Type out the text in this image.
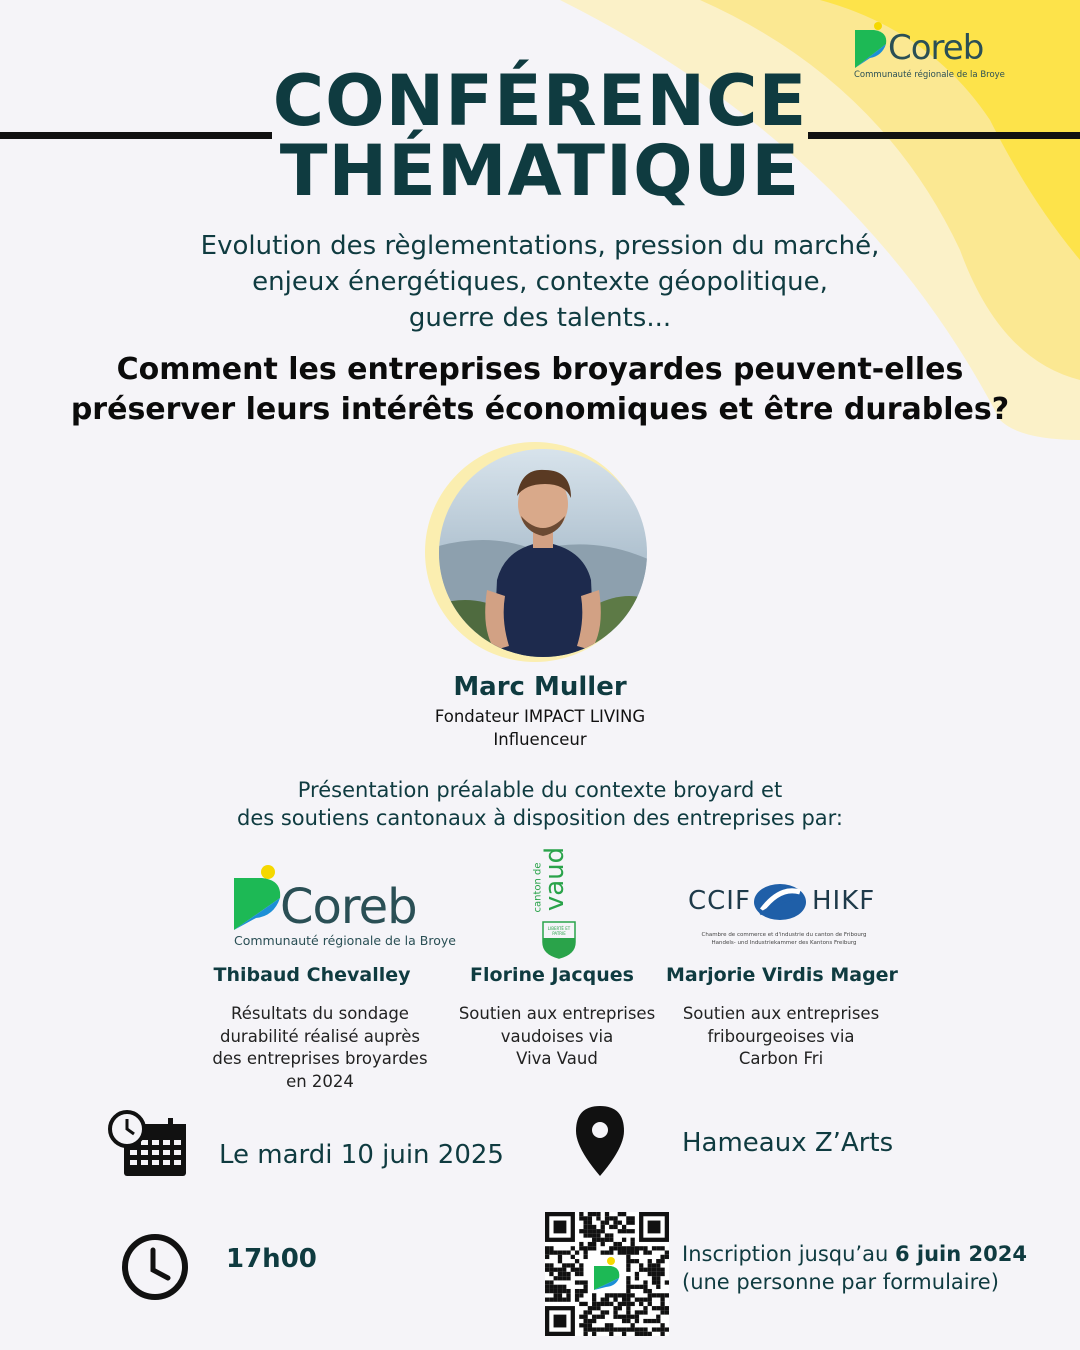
Coreb
Communauté régionale de la Broye
CONFÉRENCE
THÉMATIQUE
Evolution des règlementations, pression du marché,
enjeux énergétiques, contexte géopolitique,
guerre des talents...
Comment les entreprises broyardes peuvent-elles
préserver leurs intérêts économiques et être durables?
Marc Muller
Fondateur IMPACT LIVING
Influenceur
Présentation préalable du contexte broyard et
des soutiens cantonaux à disposition des entreprises par:
Coreb
Communauté régionale de la Broye
canton de
vaud
LIBERTÉ ET PATRIE
CCIF HIKF
Chambre de commerce et d'industrie du canton de Fribourg
Handels- und Industriekammer des Kantons Freiburg
Thibaud Chevalley	Florine Jacques	Marjorie Virdis Mager
Résultats du sondage
durabilité réalisé auprès
des entreprises broyardes
en 2024
Soutien aux entreprises
vaudoises via
Viva Vaud
Soutien aux entreprises
fribourgeoises via
Carbon Fri
Le mardi 10 juin 2025	Hameaux Z’Arts
17h00	Inscription jusqu’au 6 juin 2024
(une personne par formulaire)
